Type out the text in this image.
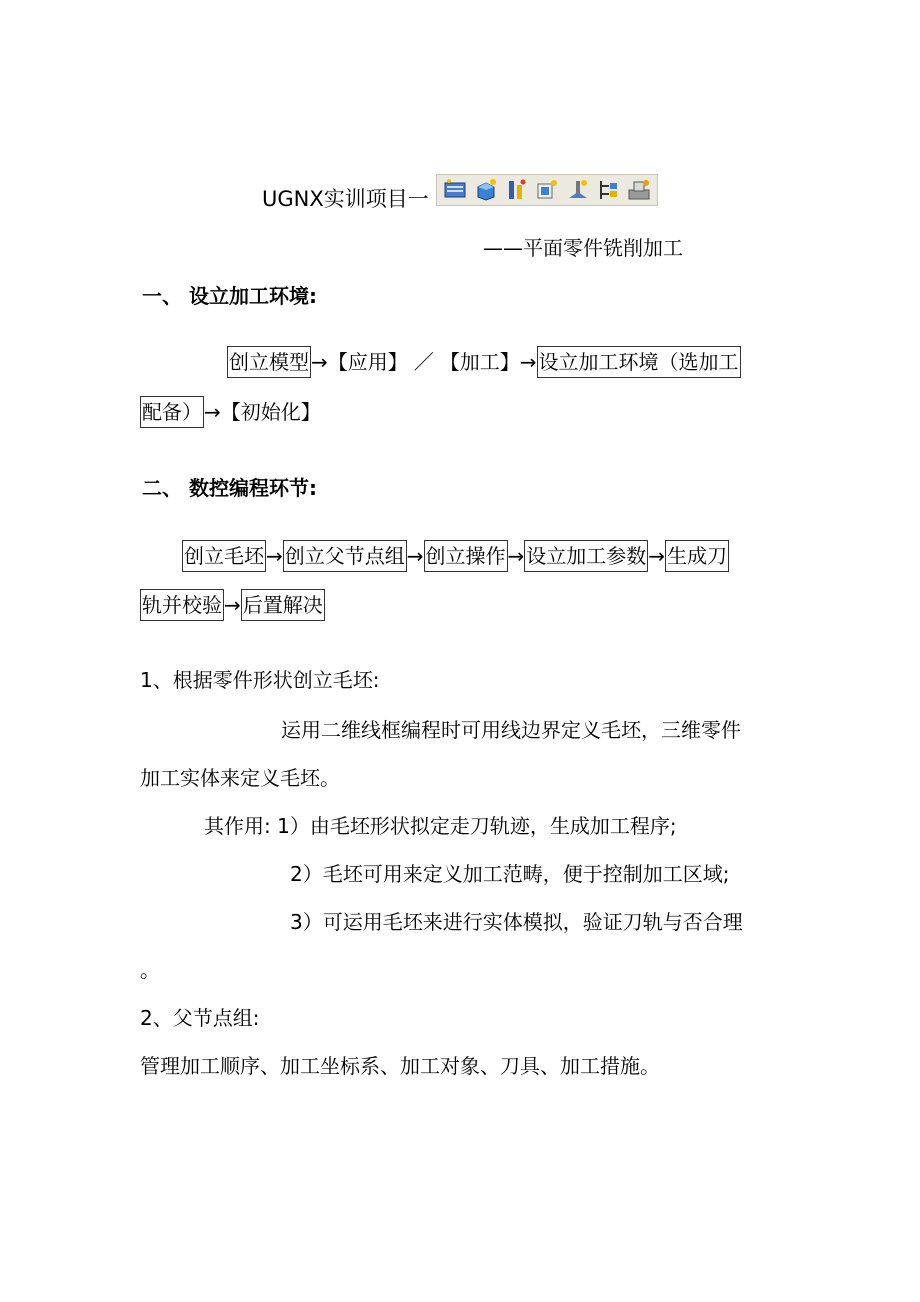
UGNX实训项目一
——平面零件铣削加工
一、 设立加工环境:
创立模型 →【应用】 ／ 【加工】→ 设立加工环境（选加工
配备） →【初始化】
二、 数控编程环节:
创立毛坯 → 创立父节点组 → 创立操作 → 设立加工参数 → 生成刀
轨并校验 → 后置解决
1、根据零件形状创立毛坯:
运用二维线框编程时可用线边界定义毛坯，三维零件
加工实体来定义毛坯。
其作用: 1）由毛坯形状拟定走刀轨迹，生成加工程序;
2）毛坯可用来定义加工范畴，便于控制加工区域;
3）可运用毛坯来进行实体模拟，验证刀轨与否合理
。
2、父节点组:
管理加工顺序、加工坐标系、加工对象、刀具、加工措施。
